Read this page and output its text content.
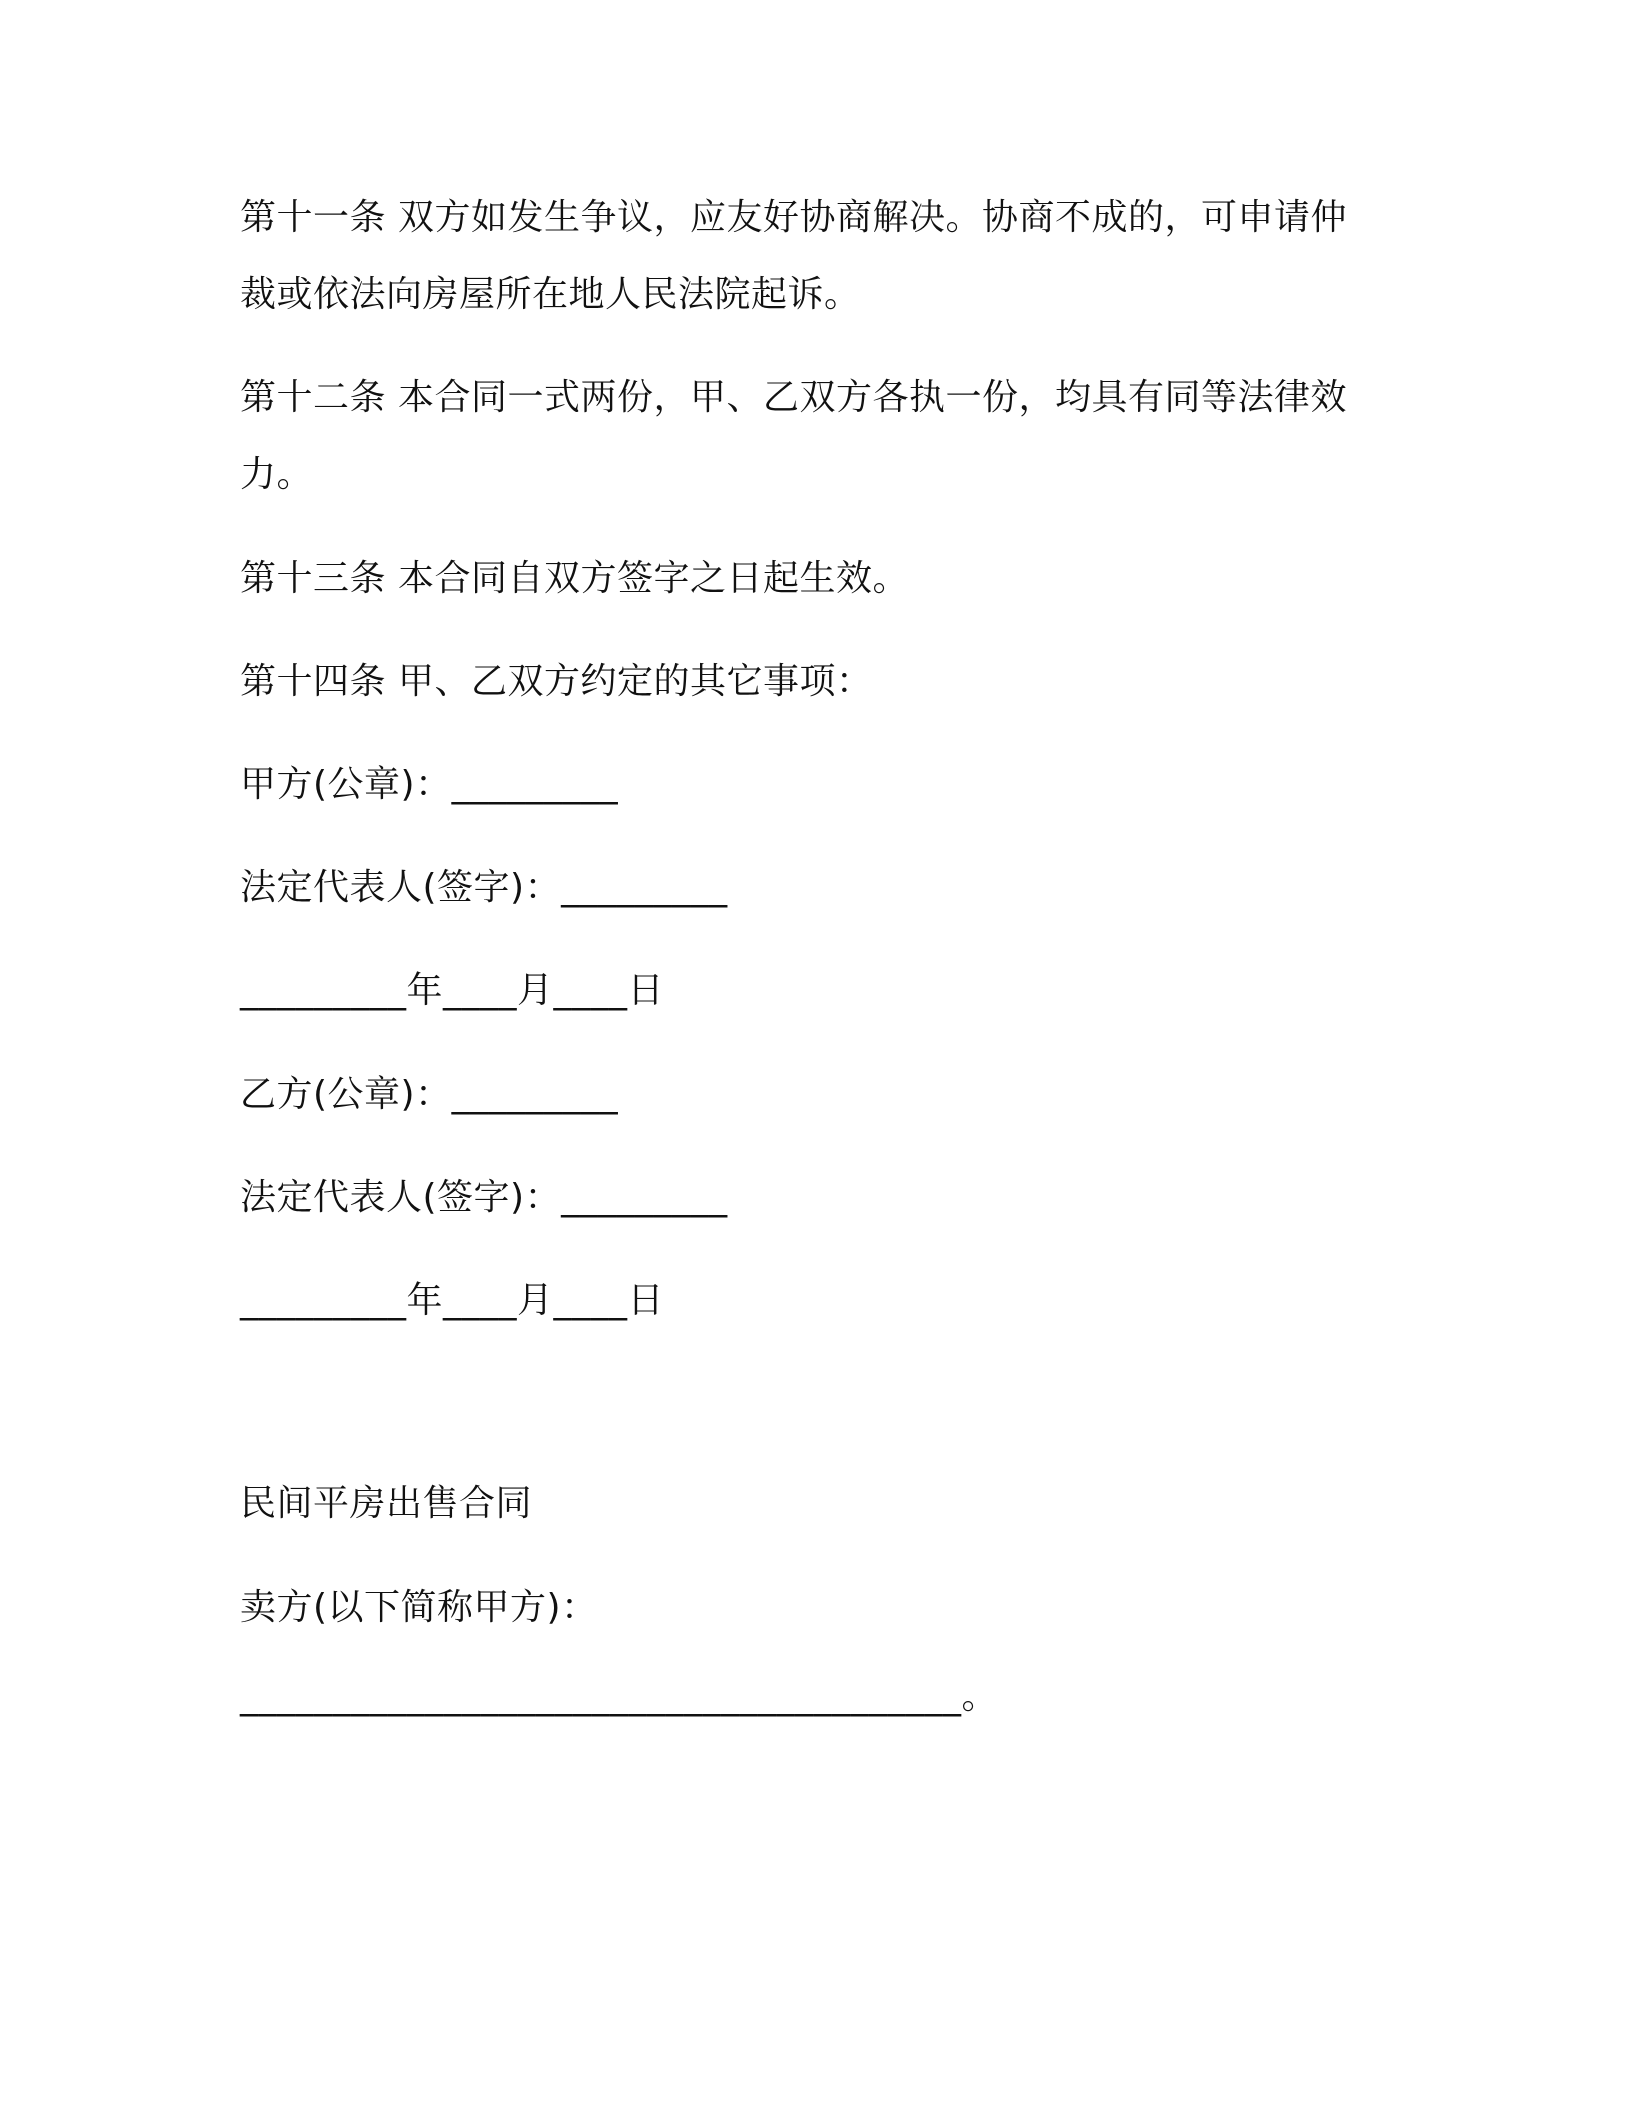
第十一条 双方如发生争议，应友好协商解决。协商不成的，可申请仲

裁或依法向房屋所在地人民法院起诉。

第十二条 本合同一式两份，甲、乙双方各执一份，均具有同等法律效

力。

第十三条 本合同自双方签字之日起生效。

第十四条 甲、乙双方约定的其它事项：

甲方(公章)：_________

法定代表人(签字)：_________

_________年____月____日

乙方(公章)：_________

法定代表人(签字)：_________

_________年____月____日

民间平房出售合同

卖方(以下简称甲方)：

_______________________________________。
